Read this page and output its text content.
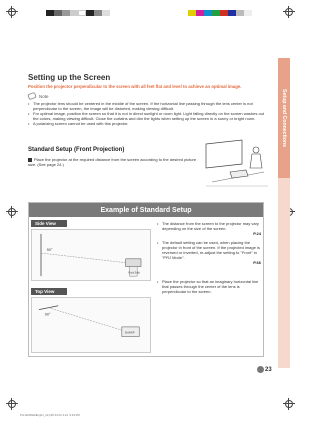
Setup and Connections
Setting up the Screen
Position the projector perpendicular to the screen with all feet flat and level to achieve an optimal image.
Note
• The projector lens should be centered in the middle of the screen. If the horizontal line passing through the lens center is not perpendicular to the screen, the image will be distorted, making viewing difficult.
• For optimal image, position the screen so that it is not in direct sunlight or room light. Light falling directly on the screen washes out the colors, making viewing difficult. Close the curtains and dim the lights when setting up the screen in a sunny or bright room.
• A polarizing screen cannot be used with this projector.
Standard Setup (Front Projection)
Place the projector at the required distance from the screen according to the desired picture size. (See page 24.)
Example of Standard Setup
Side View
90°
Rock Solid
Top View
90°
SHARP
• The distance from the screen to the projector may vary depending on the size of the screen.
P.24
• The default setting can be used, when placing the projector in front of the screen. If the projected image is reversed or inverted, re-adjust the setting to "Front" in "PRJ Mode".
P.66
• Place the projector so that an imaginary horizontal line that passes through the center of the lens is perpendicular to the screen.
23
PG-M20XE#Eng01_22.p65 23 02.4.24, 9:33 PM
